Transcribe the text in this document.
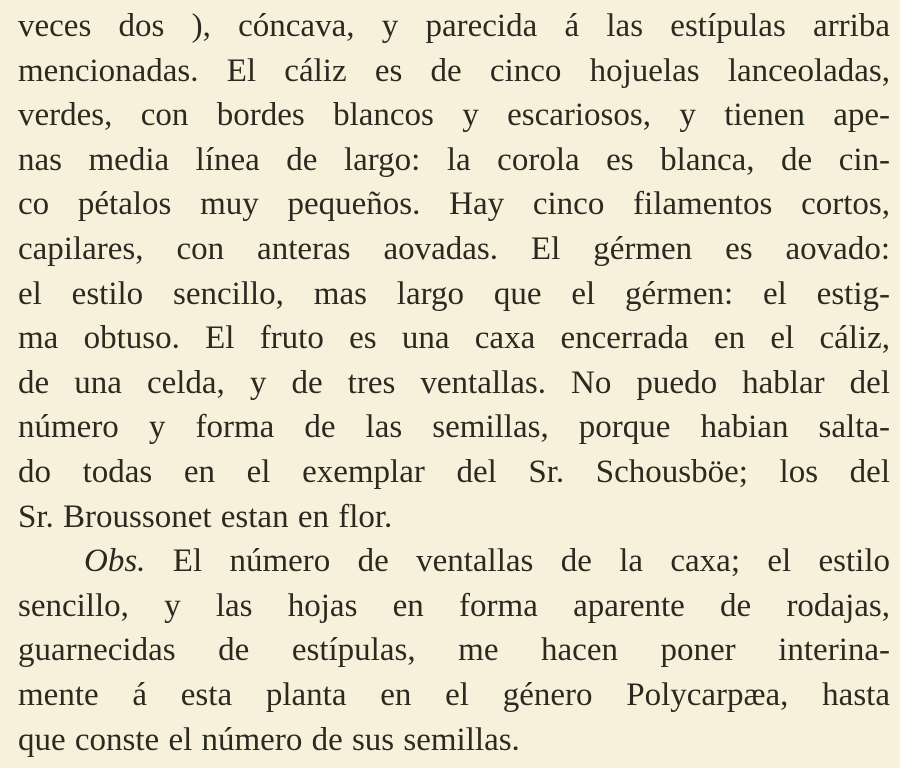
veces dos ), cóncava, y parecida á las estípulas arriba
mencionadas. El cáliz es de cinco hojuelas lanceoladas,
verdes, con bordes blancos y escariosos, y tienen ape-
nas media línea de largo: la corola es blanca, de cin-
co pétalos muy pequeños. Hay cinco filamentos cortos,
capilares, con anteras aovadas. El gérmen es aovado:
el estilo sencillo, mas largo que el gérmen: el estig-
ma obtuso. El fruto es una caxa encerrada en el cáliz,
de una celda, y de tres ventallas. No puedo hablar del
número y forma de las semillas, porque habian salta-
do todas en el exemplar del Sr. Schousböe; los del
Sr. Broussonet estan en flor.
Obs. El número de ventallas de la caxa; el estilo
sencillo, y las hojas en forma aparente de rodajas,
guarnecidas de estípulas, me hacen poner interina-
mente á esta planta en el género Polycarpæa, hasta
que conste el número de sus semillas.
